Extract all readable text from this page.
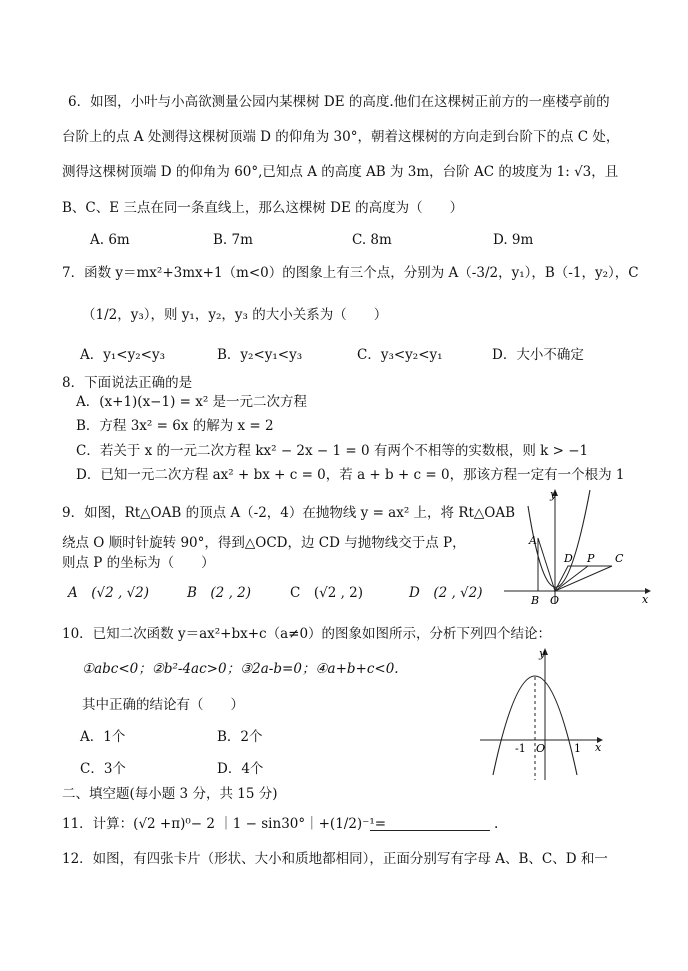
6．如图，小叶与小高欲测量公园内某棵树 DE 的高度.他们在这棵树正前方的一座楼亭前的
台阶上的点 A 处测得这棵树顶端 D 的仰角为 30°，朝着这棵树的方向走到台阶下的点 C 处，
测得这棵树顶端 D 的仰角为 60°,已知点 A 的高度 AB 为 3m，台阶 AC 的坡度为 1: √3，且
B、C、E 三点在同一条直线上，那么这棵树 DE 的高度为（　　）
A. 6m	B. 7m	C. 8m	D. 9m
7．函数 y＝mx²+3mx+1（m<0）的图象上有三个点，分别为 A（-3/2，y₁），B（-1，y₂），C
（1/2，y₃），则 y₁，y₂，y₃ 的大小关系为（　　）
A．y₁<y₂<y₃	B．y₂<y₁<y₃	C．y₃<y₂<y₁	D．大小不确定
8．下面说法正确的是
A．(x+1)(x−1) = x² 是一元二次方程
B．方程 3x² = 6x 的解为 x = 2
C．若关于 x 的一元二次方程 kx² − 2x − 1 = 0 有两个不相等的实数根，则 k > −1
D．已知一元二次方程 ax² + bx + c = 0，若 a + b + c = 0，那该方程一定有一个根为 1
9．如图，Rt△OAB 的顶点 A（-2，4）在抛物线 y = ax² 上，将 Rt△OAB
绕点 O 顺时针旋转 90°，得到△OCD，边 CD 与抛物线交于点 P，
则点 P 的坐标为（　　）
A　(√2 , √2)	B　(2 , 2)	C　(√2 , 2)	D　(2 , √2)
y
x
A
B O
D P C
10．已知二次函数 y＝ax²+bx+c（a≠0）的图象如图所示，分析下列四个结论：
①abc<0；②b²-4ac>0；③2a-b=0；④a+b+c<0.
其中正确的结论有（　　）
A．1个	B．2个
C．3个	D．4个
y
x
O
-1	1
二、填空题(每小题 3 分，共 15 分)
11．计算：(√2 +π)⁰− 2 ｜1 − sin30°｜+(1/2)⁻¹=	.
12．如图，有四张卡片（形状、大小和质地都相同），正面分别写有字母 A、B、C、D 和一
